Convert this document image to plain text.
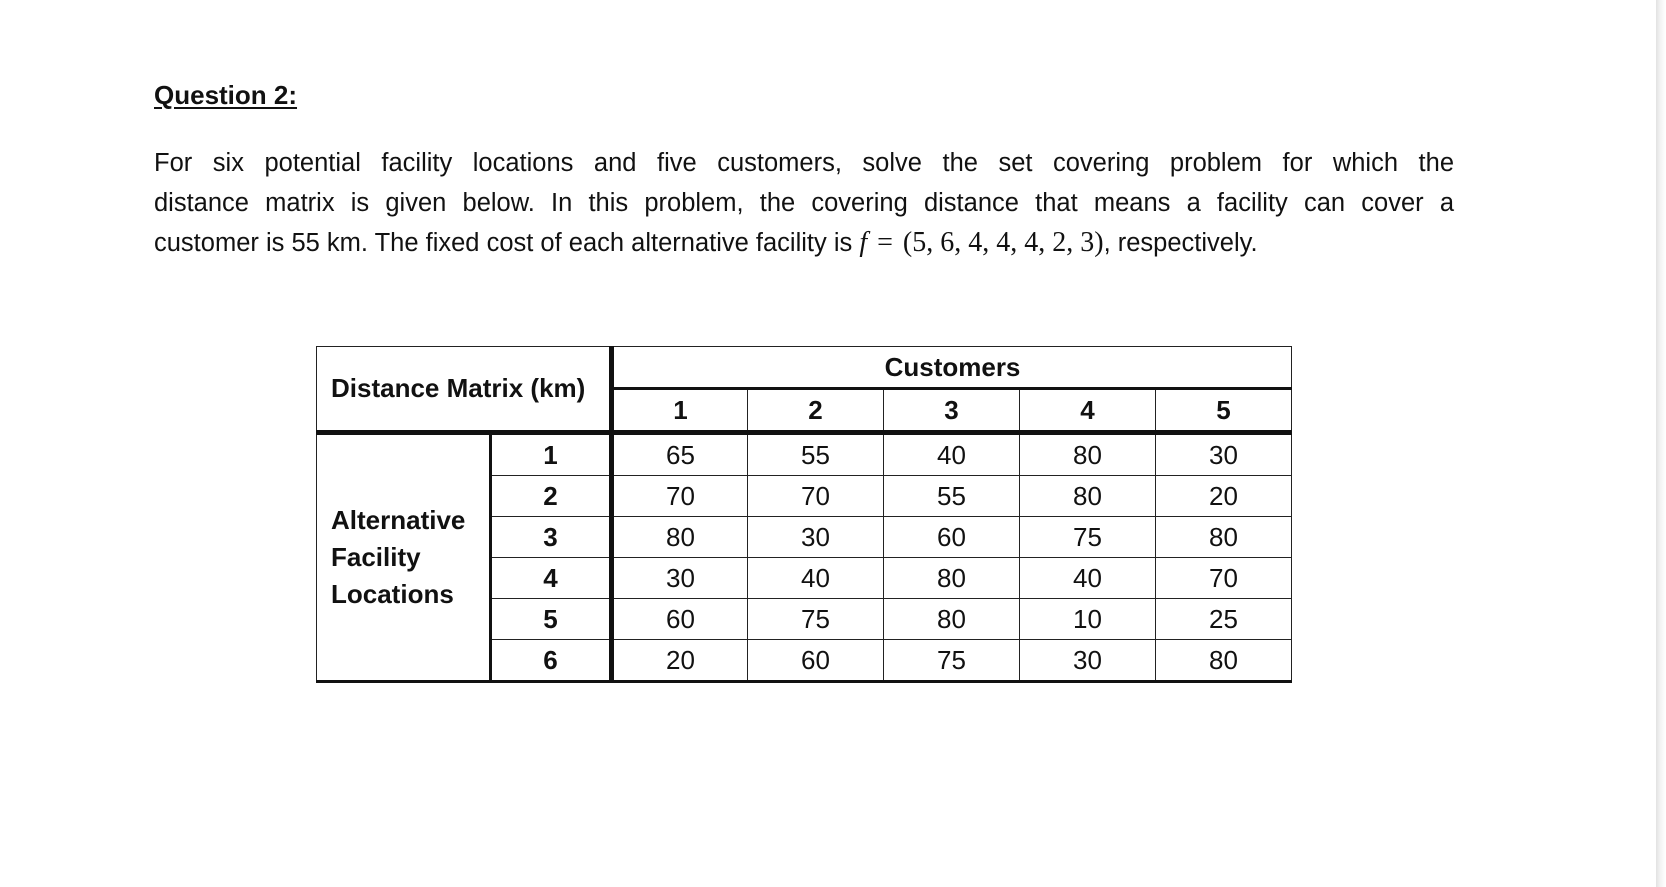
Question 2:

For six potential facility locations and five customers, solve the set covering problem for which the
distance matrix is given below. In this problem, the covering distance that means a facility can cover a
customer is 55 km. The fixed cost of each alternative facility is f = (5, 6, 4, 4, 4, 2, 3), respectively.

Distance Matrix (km)		Customers				
		1	2	3	4	5

Alternative
Facility
Locations	1	65	55	40	80	30
	2	70	70	55	80	20
	3	80	30	60	75	80
	4	30	40	80	40	70
	5	60	75	80	10	25
	6	20	60	75	30	80
